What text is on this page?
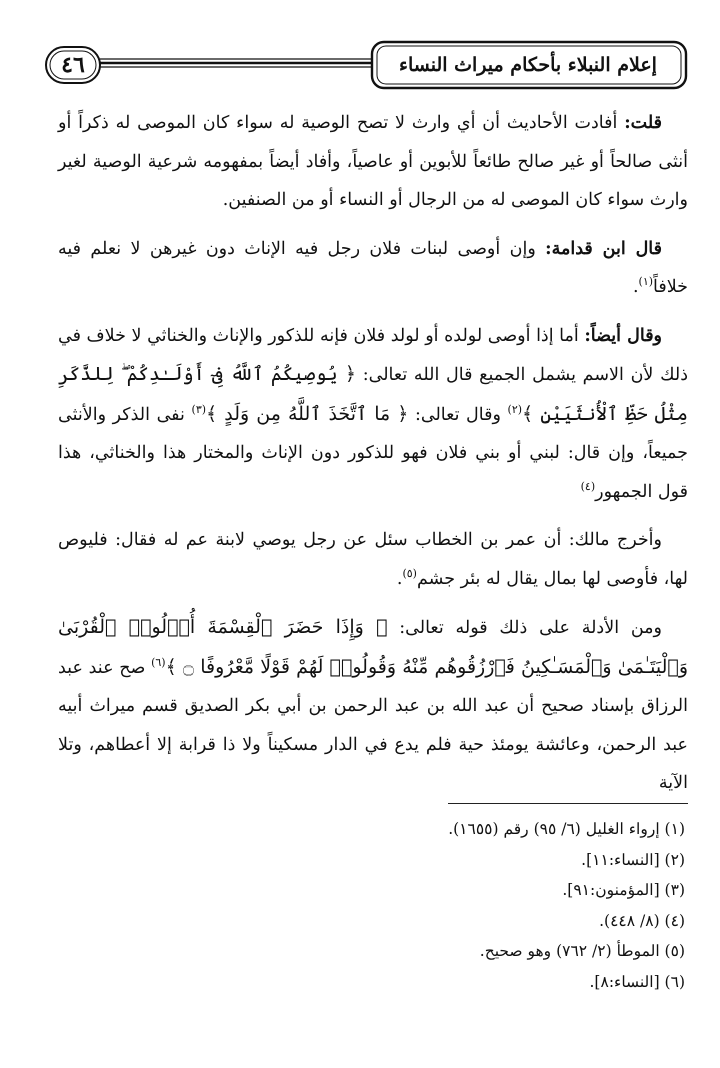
٤٦	إعلام النبلاء بأحكام ميراث النساء

قلت: أفادت الأحاديث أن أي وارث لا تصح الوصية له سواء كان الموصى له ذكراً أو أنثى صالحاً أو غير صالح طائعاً للأبوين أو عاصياً، وأفاد أيضاً بمفهومه شرعية الوصية لغير وارث سواء كان الموصى له من الرجال أو النساء أو من الصنفين.

قال ابن قدامة: وإن أوصى لبنات فلان رجل فيه الإناث دون غيرهن لا نعلم فيه خلافاً$^{(١)}$.

وقال أيضاً: أما إذا أوصى لولده أو لولد فلان فإنه للذكور والإناث والخناثي لا خلاف في ذلك لأن الاسم يشمل الجميع قال الله تعالى: ﴿ يُوصِيكُمُ ٱللَّهُ فِىٓ أَوْلَـٰدِكُمْ ۖ لِلذَّكَرِ مِثْلُ حَظِّ ٱلْأُنثَيَيْنِ ﴾$^{(٢)}$ وقال تعالى: ﴿ مَا ٱتَّخَذَ ٱللَّهُ مِن وَلَدٍ ﴾$^{(٣)}$ نفى الذكر والأنثى جميعاً، وإن قال: لبني أو بني فلان فهو للذكور دون الإناث والمختار هذا والخناثي، هذا قول الجمهور$^{(٤)}$

وأخرج مالك: أن عمر بن الخطاب سئل عن رجل يوصي لابنة عم له فقال: فليوص لها، فأوصى لها بمال يقال له بئر جشم$^{(٥)}$.

ومن الأدلة على ذلك قوله تعالى: ﴿ وَإِذَا حَضَرَ ٱلْقِسْمَةَ أُو۟لُوا۟ ٱلْقُرْبَىٰ وَٱلْيَتَـٰمَىٰ وَٱلْمَسَـٰكِينُ فَٱرْزُقُوهُم مِّنْهُ وَقُولُوا۟ لَهُمْ قَوْلًا مَّعْرُوفًا ۝ ﴾$^{(٦)}$ صح عند عبد الرزاق بإسناد صحيح أن عبد الله بن عبد الرحمن بن أبي بكر الصديق قسم ميراث أبيه عبد الرحمن، وعائشة يومئذ حية فلم يدع في الدار مسكيناً ولا ذا قرابة إلا أعطاهم، وتلا الآية

(١) إرواء الغليل (٦/ ٩٥) رقم (١٦٥٥).

(٢) [النساء:١١].

(٣) [المؤمنون:٩١].

(٤) (٨/ ٤٤٨).

(٥) الموطأ (٢/ ٧٦٢) وهو صحيح.

(٦) [النساء:٨].
